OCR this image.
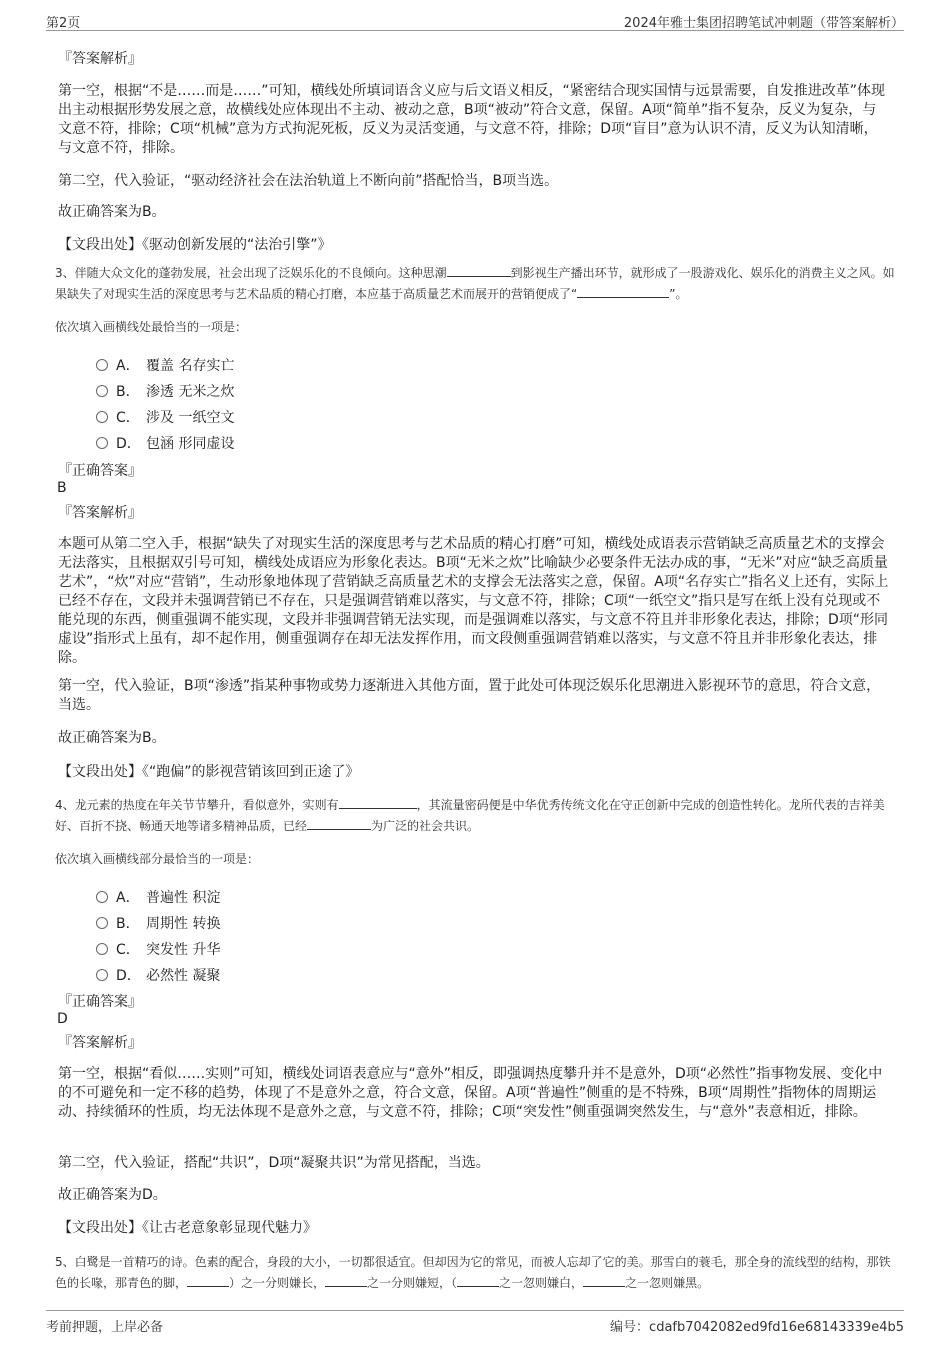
第2页	2024年雅士集团招聘笔试冲刺题（带答案解析）
『答案解析』
第一空，根据“不是……而是……”可知，横线处所填词语含义应与后文语义相反，“紧密结合现实国情与远景需要，自发推进改革”体现出主动根据形势发展之意，故横线处应体现出不主动、被动之意，B项“被动”符合文意，保留。A项“简单”指不复杂，反义为复杂，与文意不符，排除；C项“机械”意为方式拘泥死板，反义为灵活变通，与文意不符，排除；D项“盲目”意为认识不清，反义为认知清晰，与文意不符，排除。
第二空，代入验证，“驱动经济社会在法治轨道上不断向前”搭配恰当，B项当选。
故正确答案为B。
【文段出处】《驱动创新发展的“法治引擎”》
3、伴随大众文化的蓬勃发展，社会出现了泛娱乐化的不良倾向。这种思潮	到影视生产播出环节，就形成了一股游戏化、娱乐化的消费主义之风。如果缺失了对现实生活的深度思考与艺术品质的精心打磨，本应基于高质量艺术而展开的营销便成了“	”。
依次填入画横线处最恰当的一项是：
A． 覆盖 名存实亡
B． 渗透 无米之炊
C． 涉及 一纸空文
D． 包涵 形同虚设
『正确答案』
B
『答案解析』
本题可从第二空入手，根据“缺失了对现实生活的深度思考与艺术品质的精心打磨”可知，横线处成语表示营销缺乏高质量艺术的支撑会无法落实，且根据双引号可知，横线处成语应为形象化表达。B项“无米之炊”比喻缺少必要条件无法办成的事，“无米”对应“缺乏高质量艺术”，“炊”对应“营销”，生动形象地体现了营销缺乏高质量艺术的支撑会无法落实之意，保留。A项“名存实亡”指名义上还有，实际上已经不存在，文段并未强调营销已不存在，只是强调营销难以落实，与文意不符，排除；C项“一纸空文”指只是写在纸上没有兑现或不能兑现的东西，侧重强调不能实现，文段并非强调营销无法实现，而是强调难以落实，与文意不符且并非形象化表达，排除；D项“形同虚设”指形式上虽有，却不起作用，侧重强调存在却无法发挥作用，而文段侧重强调营销难以落实，与文意不符且并非形象化表达，排除。
第一空，代入验证，B项“渗透”指某种事物或势力逐渐进入其他方面，置于此处可体现泛娱乐化思潮进入影视环节的意思，符合文意，当选。
故正确答案为B。
【文段出处】《“跑偏”的影视营销该回到正途了》
4、龙元素的热度在年关节节攀升，看似意外，实则有	，其流量密码便是中华优秀传统文化在守正创新中完成的创造性转化。龙所代表的吉祥美好、百折不挠、畅通天地等诸多精神品质，已经	为广泛的社会共识。
依次填入画横线部分最恰当的一项是：
A． 普遍性 积淀
B． 周期性 转换
C． 突发性 升华
D． 必然性 凝聚
『正确答案』
D
『答案解析』
第一空，根据“看似……实则”可知，横线处词语表意应与“意外”相反，即强调热度攀升并不是意外，D项“必然性”指事物发展、变化中的不可避免和一定不移的趋势，体现了不是意外之意，符合文意，保留。A项“普遍性”侧重的是不特殊，B项“周期性”指物体的周期运动、持续循环的性质，均无法体现不是意外之意，与文意不符，排除；C项“突发性”侧重强调突然发生，与“意外”表意相近，排除。
第二空，代入验证，搭配“共识”，D项“凝聚共识”为常见搭配，当选。
故正确答案为D。
【文段出处】《让古老意象彰显现代魅力》
5、白鹭是一首精巧的诗。色素的配合，身段的大小，一切都很适宜。但却因为它的常见，而被人忘却了它的美。那雪白的蓑毛，那全身的流线型的结构，那铁色的长喙，那青色的脚，	）之一分则嫌长，	之一分则嫌短，（	之一忽则嫌白，	之一忽则嫌黑。
考前押题，上岸必备	编号：cdafb7042082ed9fd16e68143339e4b5
